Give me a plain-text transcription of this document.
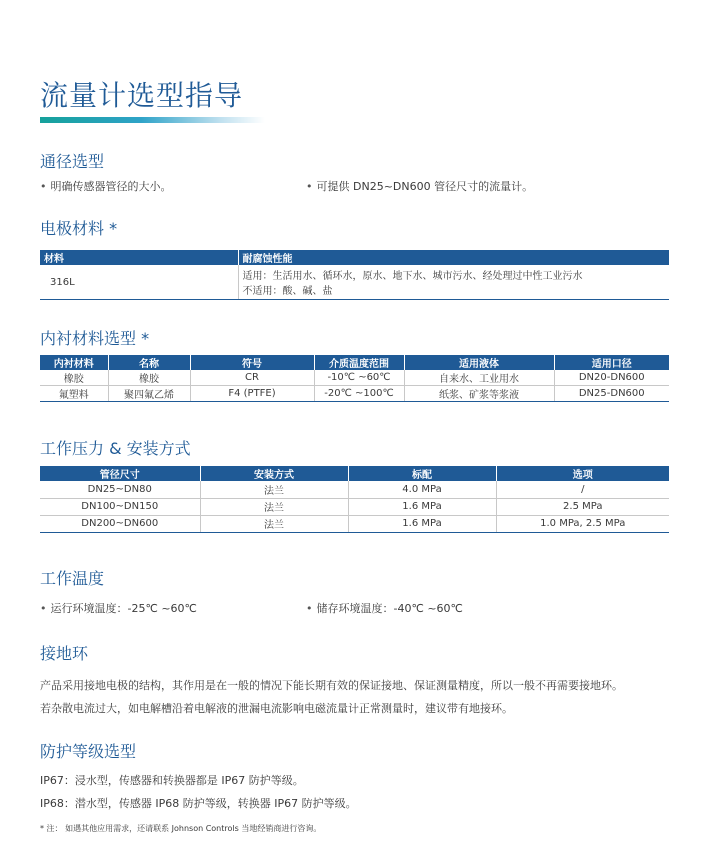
流量计选型指导
通径选型
• 明确传感器管径的大小。	• 可提供 DN25~DN600 管径尺寸的流量计。
电极材料 *
材料	耐腐蚀性能
316L	适用：生活用水、循环水，原水、地下水、城市污水、经处理过中性工业污水
不适用：酸、碱、盐
内衬材料选型 *
内衬材料	名称	符号	介质温度范围	适用液体	适用口径
橡胶	橡胶	CR	-10℃ ~60℃	自来水、工业用水	DN20-DN600
氟塑料	聚四氟乙烯	F4 (PTFE)	-20℃ ~100℃	纸浆、矿浆等浆液	DN25-DN600
工作压力 & 安装方式
管径尺寸	安装方式	标配	选项
DN25~DN80	法兰	4.0 MPa	/
DN100~DN150	法兰	1.6 MPa	2.5 MPa
DN200~DN600	法兰	1.6 MPa	1.0 MPa, 2.5 MPa
工作温度
• 运行环境温度：-25℃ ~60℃	• 储存环境温度：-40℃ ~60℃
接地环
产品采用接地电极的结构，其作用是在一般的情况下能长期有效的保证接地、保证测量精度，所以一般不再需要接地环。
若杂散电流过大，如电解槽沿着电解液的泄漏电流影响电磁流量计正常测量时，建议带有地接环。
防护等级选型
IP67：浸水型，传感器和转换器都是 IP67 防护等级。
IP68：潜水型，传感器 IP68 防护等级，转换器 IP67 防护等级。
* 注： 如遇其他应用需求，还请联系 Johnson Controls 当地经销商进行咨询。
